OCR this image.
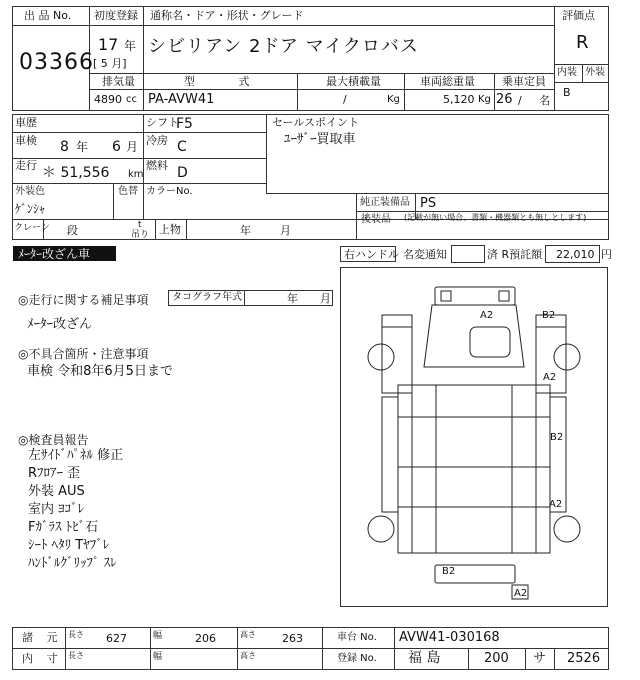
出 品 No.
03366
初度登録
17 年
[ 5 月]
通称名・ドア・形状・グレード
シビリアン 2ドア マイクロバス
評価点
R
内装 外装
B
排気量
4890 cc
型 式
PA-AVW41
最大積載量
/	Kg
車両総重量
5,120 Kg
乗車定員
26 / 名
車歴	シフト
F5
車検 8 年 6 月 冷房 C
走行 ＊ 51,556 km
燃料 D
外装色
ｹﾞﾝｼｬ
色替 カラーNo.
セールスポイント
ﾕｰｻﾞｰ買取車
純正装備品 PS
後装品 (記載が無い場合、書類・機器類とも無しとします)
クレーン 段	t
吊り 上物	年	月
ﾒｰﾀｰ改ざん車	右ハンドル 名変通知	済 R預託額 22,010 円
◎走行に関する補足事項 タコグラフ年式	年 月
ﾒｰﾀｰ改ざん
◎不具合箇所・注意事項
車検 令和8年6月5日まで
◎検査員報告
左ｻｲﾄﾞﾊﾟﾈﾙ 修正
Rﾌﾛｱｰ 歪
外装 AUS
室内 ﾖｺﾞﾚ
Fｶﾞﾗｽ ﾄﾋﾞ石
ｼｰﾄ ﾍﾀﾘ Tﾔﾌﾞﾚ
ﾊﾝﾄﾞﾙｸﾞﾘｯﾌﾟ ｽﾚ
A2	B2
A2
B2
A2
B2
A2
諸 元 長さ 627	幅	206	高さ 263	車台 No. AVW41-030168
内 寸 長さ	幅	高さ	登録 No. 福 島	200 サ 2526
